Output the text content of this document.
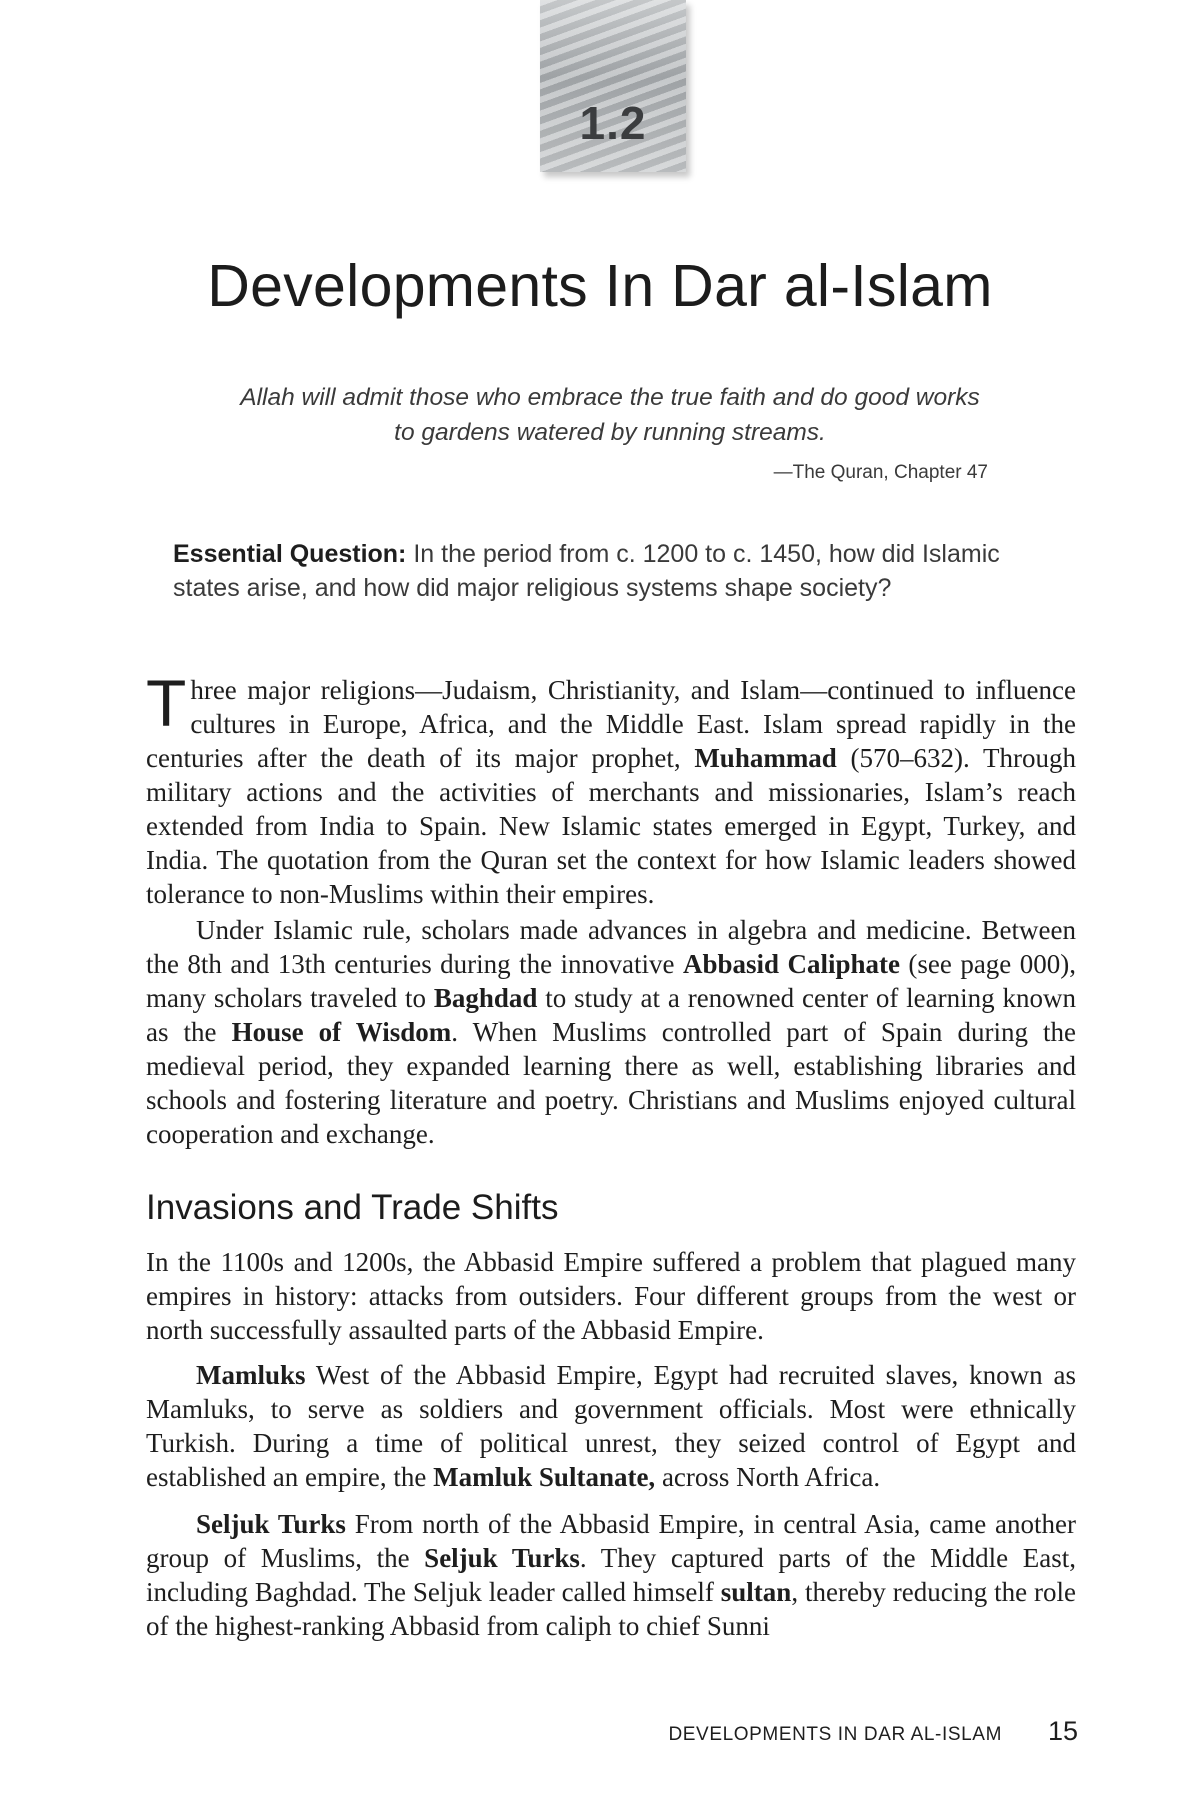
1.2
Developments In Dar al-Islam
Allah will admit those who embrace the true faith and do good works
to gardens watered by running streams.
—The Quran, Chapter 47
Essential Question: In the period from c. 1200 to c. 1450, how did Islamic states arise, and how did major religious systems shape society?

Three major religions—Judaism, Christianity, and Islam—continued to influence cultures in Europe, Africa, and the Middle East. Islam spread rapidly in the centuries after the death of its major prophet, Muhammad (570–632). Through military actions and the activities of merchants and missionaries, Islam’s reach extended from India to Spain. New Islamic states emerged in Egypt, Turkey, and India. The quotation from the Quran set the context for how Islamic leaders showed tolerance to non-Muslims within their empires.

Under Islamic rule, scholars made advances in algebra and medicine. Between the 8th and 13th centuries during the innovative Abbasid Caliphate (see page 000), many scholars traveled to Baghdad to study at a renowned center of learning known as the House of Wisdom. When Muslims controlled part of Spain during the medieval period, they expanded learning there as well, establishing libraries and schools and fostering literature and poetry. Christians and Muslims enjoyed cultural cooperation and exchange.

Invasions and Trade Shifts

In the 1100s and 1200s, the Abbasid Empire suffered a problem that plagued many empires in history: attacks from outsiders. Four different groups from the west or north successfully assaulted parts of the Abbasid Empire.

Mamluks West of the Abbasid Empire, Egypt had recruited slaves, known as Mamluks, to serve as soldiers and government officials. Most were ethnically Turkish. During a time of political unrest, they seized control of Egypt and established an empire, the Mamluk Sultanate, across North Africa.

Seljuk Turks From north of the Abbasid Empire, in central Asia, came another group of Muslims, the Seljuk Turks. They captured parts of the Middle East, including Baghdad. The Seljuk leader called himself sultan, thereby reducing the role of the highest-ranking Abbasid from caliph to chief Sunni

DEVELOPMENTS IN DAR AL-ISLAM	15
